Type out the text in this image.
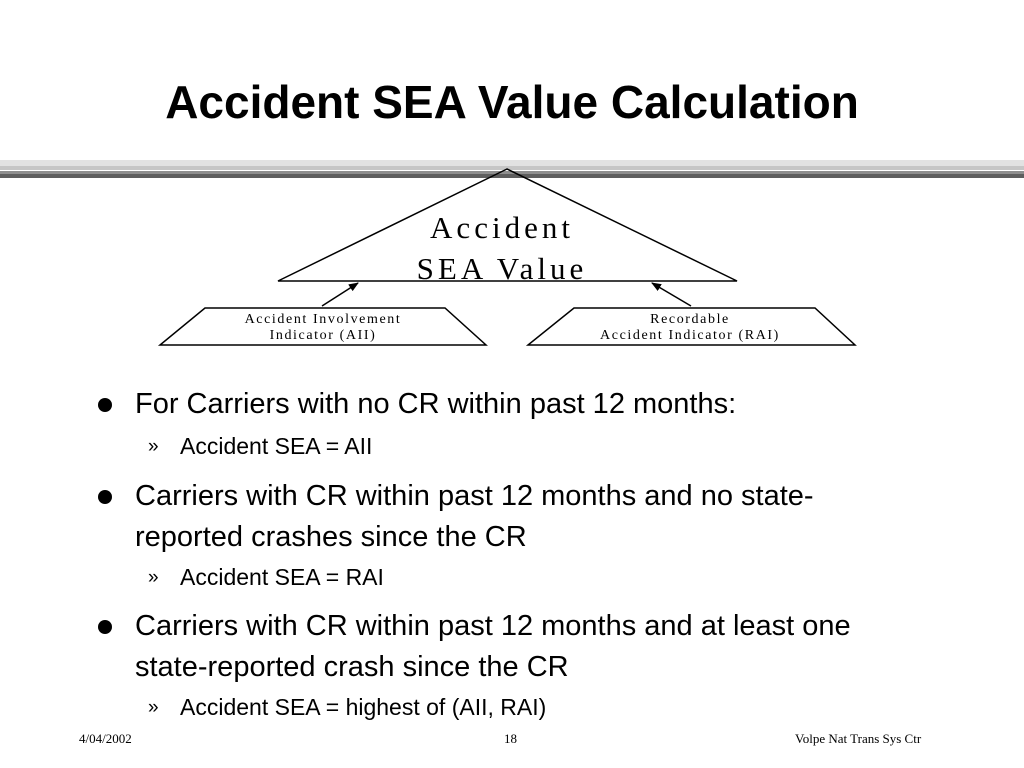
Accident SEA Value Calculation
Accident
SEA Value
Accident Involvement
Indicator (AII)
Recordable
Accident Indicator (RAI)
For Carriers with no CR within past 12 months:
» Accident SEA = AII
Carriers with CR within past 12 months and no state-
reported crashes since the CR
» Accident SEA = RAI
Carriers with CR within past 12 months and at least one
state-reported crash since the CR
» Accident SEA = highest of (AII, RAI)
4/04/2002	18	Volpe Nat Trans Sys Ctr
